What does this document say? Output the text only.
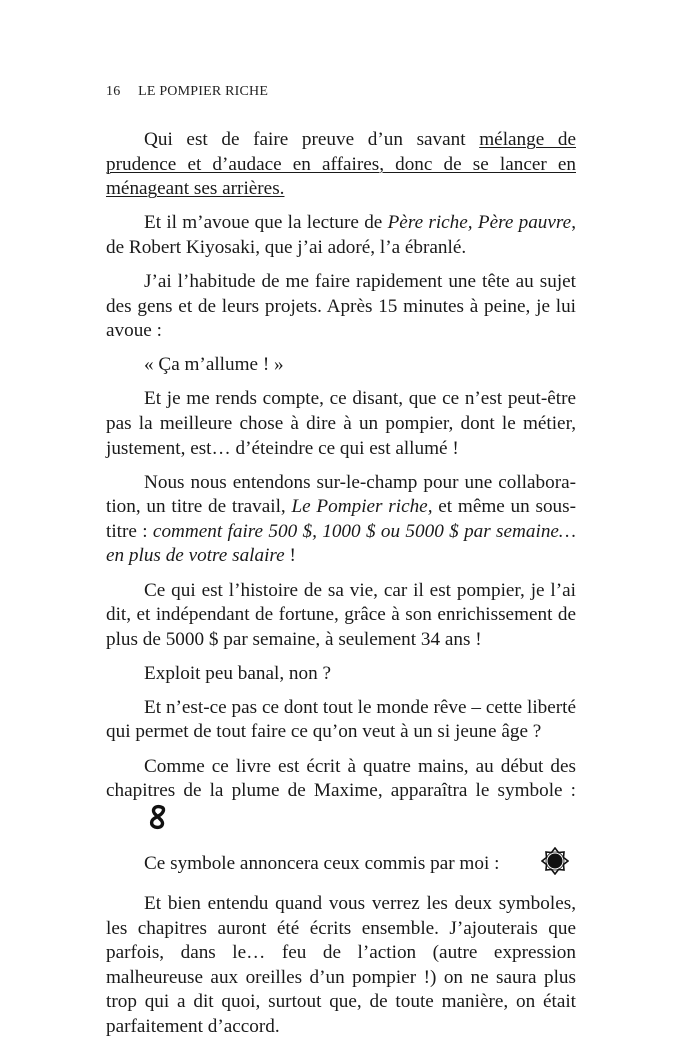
16 LE POMPIER RICHE

Qui est de faire preuve d’un savant mélange de prudence et d’audace en affaires, donc de se lancer en ménageant ses arrières.

Et il m’avoue que la lecture de Père riche, Père pauvre, de Robert Kiyosaki, que j’ai adoré, l’a ébranlé.

J’ai l’habitude de me faire rapidement une tête au sujet des gens et de leurs projets. Après 15 minutes à peine, je lui avoue :

« Ça m’allume ! »

Et je me rends compte, ce disant, que ce n’est peut-être pas la meilleure chose à dire à un pompier, dont le métier, justement, est… d’éteindre ce qui est allumé !

Nous nous entendons sur-le-champ pour une collaboration, un titre de travail, Le Pompier riche, et même un sous-titre : comment faire 500 $, 1000 $ ou 5000 $ par semaine… en plus de votre salaire !

Ce qui est l’histoire de sa vie, car il est pompier, je l’ai dit, et indépendant de fortune, grâce à son enrichissement de plus de 5000 $ par semaine, à seulement 34 ans !

Exploit peu banal, non ?

Et n’est-ce pas ce dont tout le monde rêve – cette liberté qui permet de tout faire ce qu’on veut à un si jeune âge ?

Comme ce livre est écrit à quatre mains, au début des chapitres de la plume de Maxime, apparaîtra le symbole :

Ce symbole annoncera ceux commis par moi :

Et bien entendu quand vous verrez les deux symboles, les chapitres auront été écrits ensemble. J’ajouterais que parfois, dans le… feu de l’action (autre expression malheureuse aux oreilles d’un pompier !) on ne saura plus trop qui a dit quoi, surtout que, de toute manière, on était parfaitement d’accord.
